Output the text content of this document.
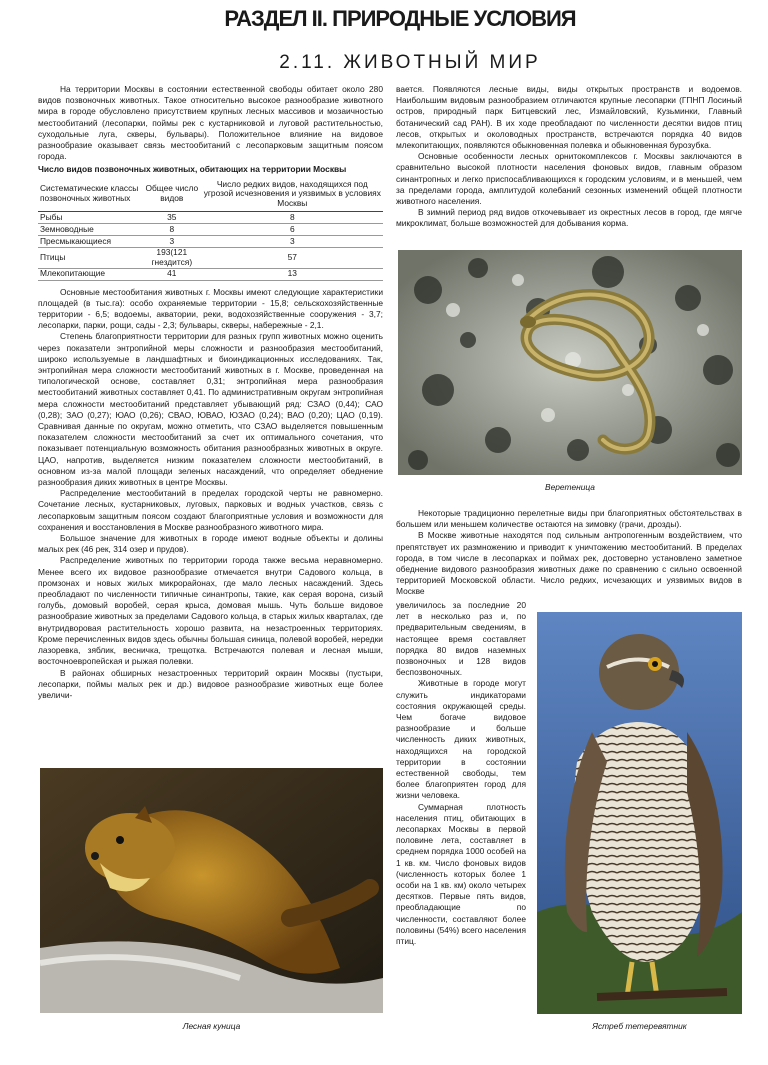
РАЗДЕЛ II. ПРИРОДНЫЕ УСЛОВИЯ
2.11. ЖИВОТНЫЙ МИР

На территории Москвы в состоянии естественной свободы обитает около 280 видов позвоночных животных. Такое относительно высокое разнообразие животного мира в городе обусловлено присутствием крупных лесных массивов и мозаичностью местообитаний (лесопарки, поймы рек с кустарниковой и луговой растительностью, суходольные луга, скверы, бульвары). Положительное влияние на видовое разнообразие оказывает связь местообитаний с лесопарковым защитным поясом города.

Число видов позвоночных животных, обитающих на территории Москвы
Систематические классы позвоночных животных	Общее число видов	Число редких видов, находящихся под угрозой исчезновения и уязвимых в условиях Москвы
Рыбы	35	8
Земноводные	8	6
Пресмыкающиеся	3	3
Птицы	193(121 гнездится)	57
Млекопитающие	41	13

Основные местообитания животных г. Москвы имеют следующие характеристики площадей (в тыс.га): особо охраняемые территории - 15,8; сельскохозяйственные территории - 6,5; водоемы, акватории, реки, водохозяйственные сооружения - 3,7; лесопарки, парки, рощи, сады - 2,3; бульвары, скверы, набережные - 2,1.

Степень благоприятности территории для разных групп животных можно оценить через показатели энтропийной меры сложности и разнообразия местообитаний, широко используемые в ландшафтных и биоиндикационных исследованиях. Так, энтропийная мера сложности местообитаний животных в г. Москве, проведенная на типологической основе, составляет 0,31; энтропийная мера разнообразия местообитаний животных составляет 0,41. По административным округам энтропийная мера сложности местообитаний представляет убывающий ряд: СЗАО (0,44); САО (0,28); ЗАО (0,27); ЮАО (0,26); СВАО, ЮВАО, ЮЗАО (0,24); ВАО (0,20); ЦАО (0,19). Сравнивая данные по округам, можно отметить, что СЗАО выделяется повышенным показателем сложности местообитаний за счет их оптимального сочетания, что показывает потенциальную возможность обитания разнообразных животных в округе. ЦАО, напротив, выделяется низким показателем сложности местообитаний, в основном из-за малой площади зеленых насаждений, что определяет обеднение разнообразия диких животных в центре Москвы.

Распределение местообитаний в пределах городской черты не равномерно. Сочетание лесных, кустарниковых, луговых, парковых и водных участков, связь с лесопарковым защитным поясом создают благоприятные условия и возможности для сохранения и восстановления в Москве разнообразного животного мира.

Большое значение для животных в городе имеют водные объекты и долины малых рек (46 рек, 314 озер и прудов).

Распределение животных по территории города также весьма неравномерно. Менее всего их видовое разнообразие отмечается внутри Садового кольца, в промзонах и новых жилых микрорайонах, где мало лесных насаждений. Здесь преобладают по численности типичные синантропы, такие, как серая ворона, сизый голубь, домовый воробей, серая крыса, домовая мышь. Чуть больше видовое разнообразие животных за пределами Садового кольца, в старых жилых кварталах, где внутридворовая растительность хорошо развита, на незастроенных территориях. Кроме перечисленных видов здесь обычны большая синица, полевой воробей, нередки лазоревка, зяблик, весничка, трещотка. Встречаются полевая и лесная мыши, восточноевропейская и рыжая полевки.

В районах обширных незастроенных территорий окраин Москвы (пустыри, лесопарки, поймы малых рек и др.) видовое разнообразие животных еще более увеличи-

вается. Появляются лесные виды, виды открытых пространств и водоемов. Наибольшим видовым разнообразием отличаются крупные лесопарки (ГПНП Лосиный остров, природный парк Битцевский лес, Измайловский, Кузьминки, Главный ботанический сад РАН). В их ходе преобладают по численности десятки видов птиц лесов, открытых и околоводных пространств, встречаются порядка 40 видов млекопитающих, появляются обыкновенная полевка и обыкновенная бурозубка.

Основные особенности лесных орнитокомплексов г. Москвы заключаются в сравнительно высокой плотности населения фоновых видов, главным образом синантропных и легко приспосабливающихся к городским условиям, и в меньшей, чем за пределами города, амплитудой колебаний сезонных изменений общей плотности животного населения.

В зимний период ряд видов откочевывает из окрестных лесов в город, где мягче микроклимат, больше возможностей для добывания корма.

Веретеница

Некоторые традиционно перелетные виды при благоприятных обстоятельствах в большем или меньшем количестве остаются на зимовку (грачи, дрозды).

В Москве животные находятся под сильным антропогенным воздействием, что препятствует их размножению и приводит к уничтожению местообитаний. В пределах города, в том числе в лесопарках и поймах рек, достоверно установлено заметное обеднение видового разнообразия животных даже по сравнению с сильно освоенной территорией Московской области. Число редких, исчезающих и уязвимых видов в Москве

увеличилось за последние 20 лет в несколько раз и, по предварительным сведениям, в настоящее время составляет порядка 80 видов наземных позвоночных и 128 видов беспозвоночных.

Животные в городе могут служить индикаторами состояния окружающей среды. Чем богаче видовое разнообразие и больше численность диких животных, находящихся на городской территории в состоянии естественной свободы, тем более благоприятен город для жизни человека.

Суммарная плотность населения птиц, обитающих в лесопарках Москвы в первой половине лета, составляет в среднем порядка 1000 особей на 1 кв. км. Число фоновых видов (численность которых более 1 особи на 1 кв. км) около четырех десятков. Первые пять видов, преобладающие по численности, составляют более половины (54%) всего населения птиц.

Ястреб тетеревятник
Лесная куница
